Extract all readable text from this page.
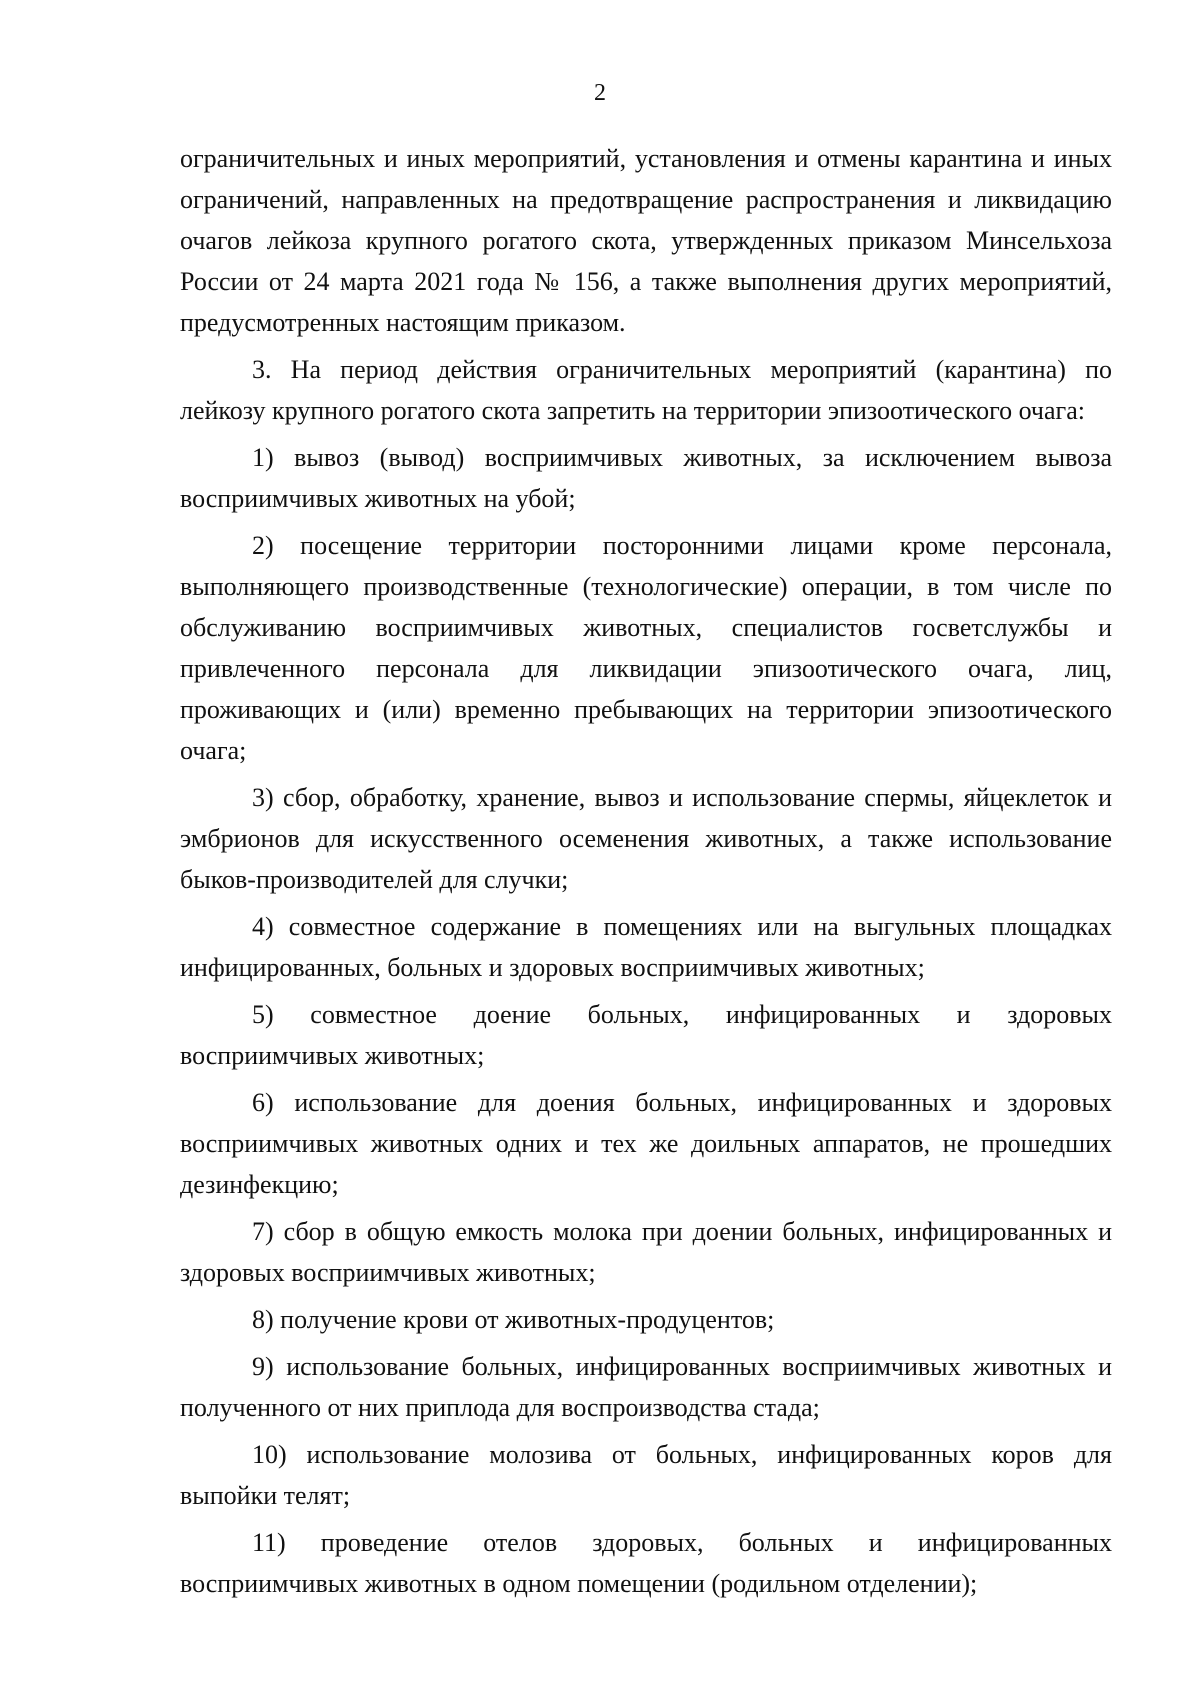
2

ограничительных и иных мероприятий, установления и отмены карантина и иных ограничений, направленных на предотвращение распространения и ликвидацию очагов лейкоза крупного рогатого скота, утвержденных приказом Минсельхоза России от 24 марта 2021 года № 156, а также выполнения других мероприятий, предусмотренных настоящим приказом.

3. На период действия ограничительных мероприятий (карантина) по лейкозу крупного рогатого скота запретить на территории эпизоотического очага:

1) вывоз (вывод) восприимчивых животных, за исключением вывоза восприимчивых животных на убой;

2) посещение территории посторонними лицами кроме персонала, выполняющего производственные (технологические) операции, в том числе по обслуживанию восприимчивых животных, специалистов госветслужбы и привлеченного персонала для ликвидации эпизоотического очага, лиц, проживающих и (или) временно пребывающих на территории эпизоотического очага;

3) сбор, обработку, хранение, вывоз и использование спермы, яйцеклеток и эмбрионов для искусственного осеменения животных, а также использование быков-производителей для случки;

4) совместное содержание в помещениях или на выгульных площадках инфицированных, больных и здоровых восприимчивых животных;

5) совместное доение больных, инфицированных и здоровых восприимчивых животных;

6) использование для доения больных, инфицированных и здоровых восприимчивых животных одних и тех же доильных аппаратов, не прошедших дезинфекцию;

7) сбор в общую емкость молока при доении больных, инфицированных и здоровых восприимчивых животных;

8) получение крови от животных-продуцентов;

9) использование больных, инфицированных восприимчивых животных и полученного от них приплода для воспроизводства стада;

10) использование молозива от больных, инфицированных коров для выпойки телят;

11) проведение отелов здоровых, больных и инфицированных восприимчивых животных в одном помещении (родильном отделении);
